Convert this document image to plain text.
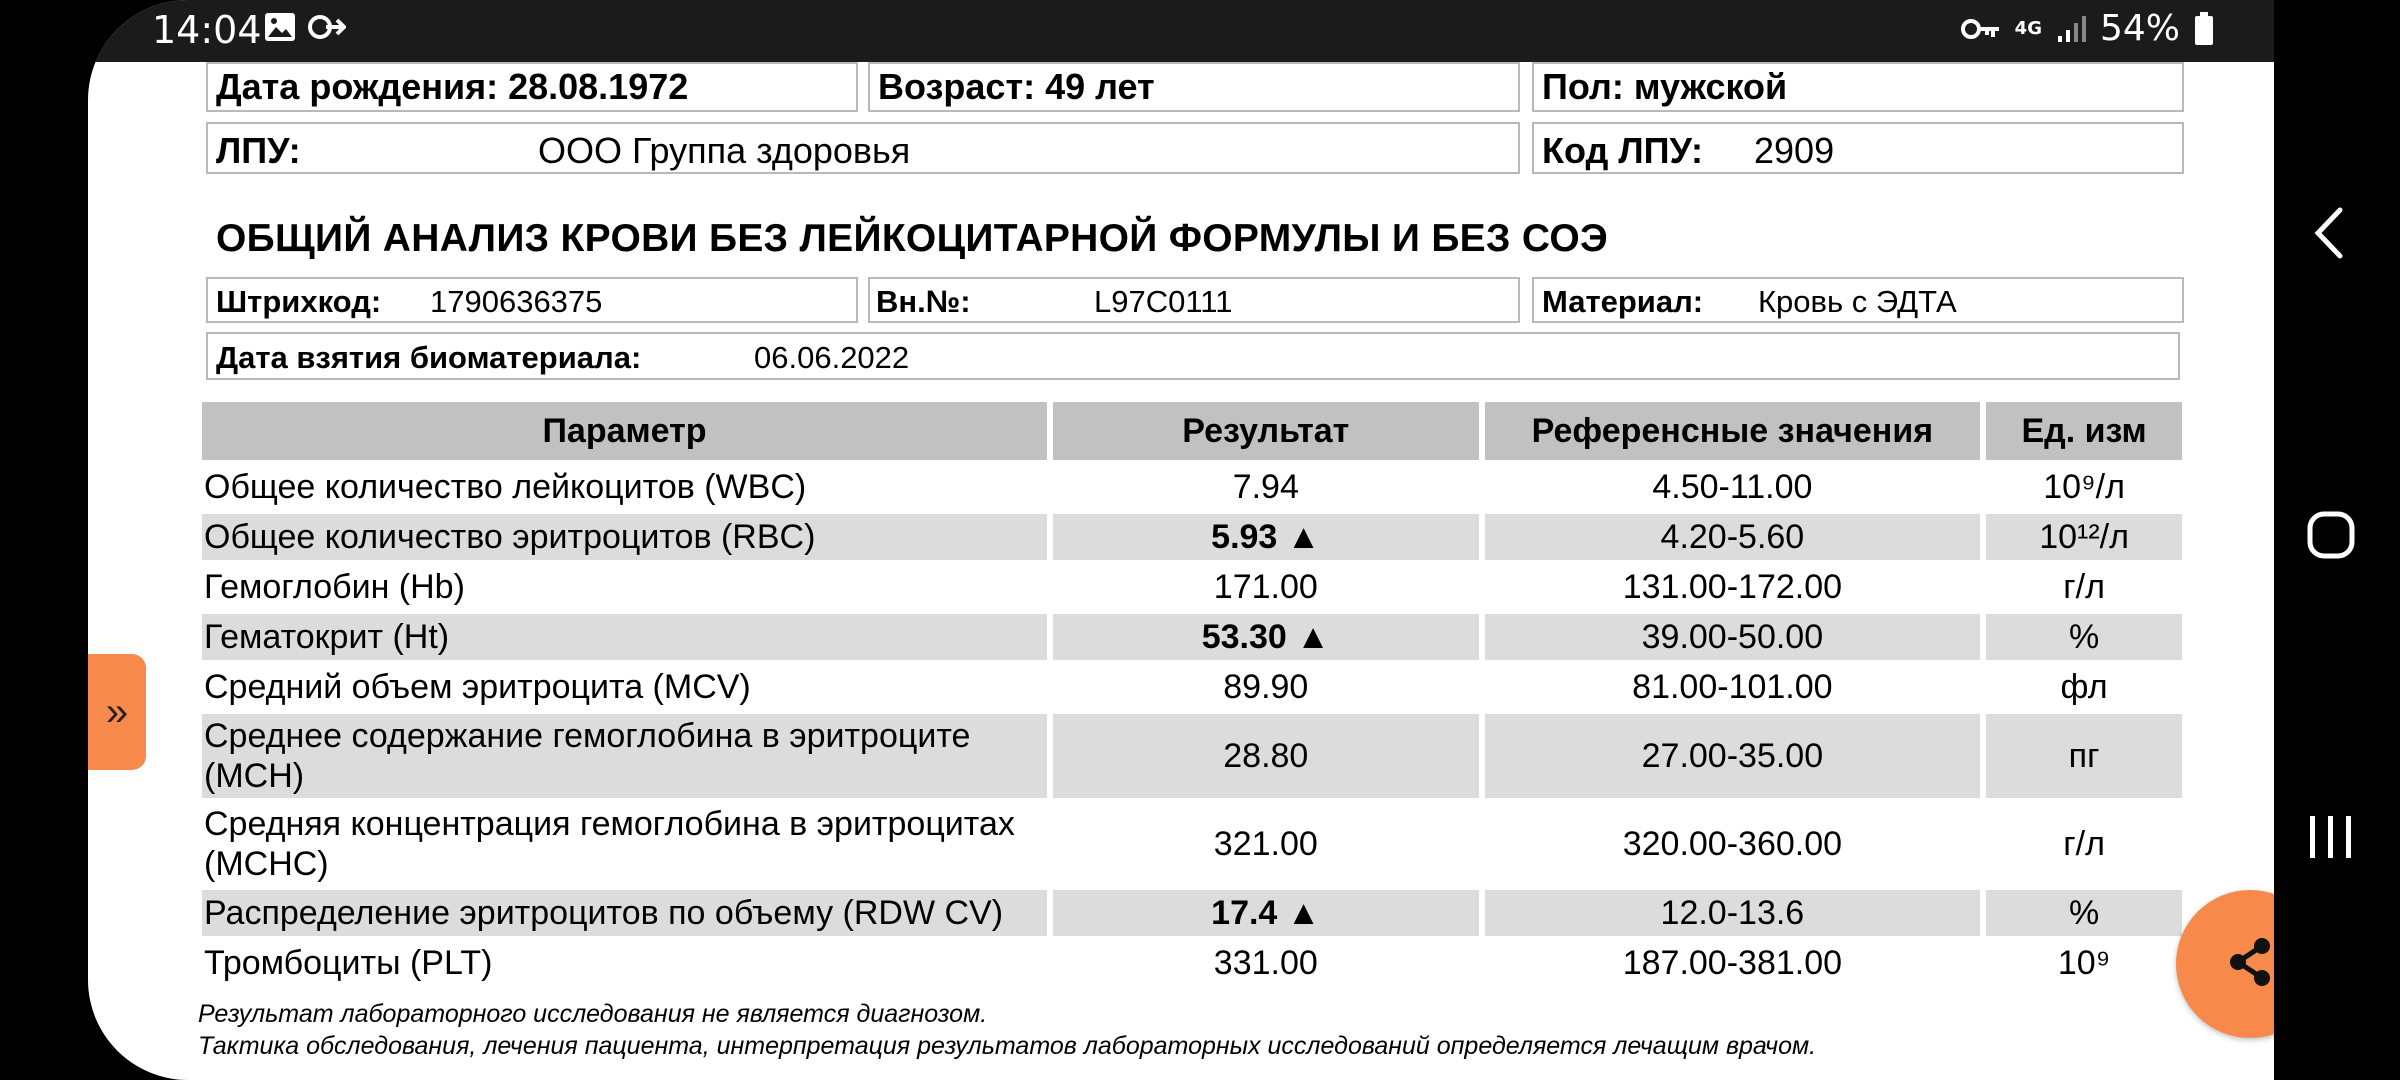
14:04	4G 54%
Дата рождения: 28.08.1972	Возраст: 49 лет	Пол: мужской
ЛПУ:	ООО Группа здоровья	Код ЛПУ: 2909
ОБЩИЙ АНАЛИЗ КРОВИ БЕЗ ЛЕЙКОЦИТАРНОЙ ФОРМУЛЫ И БЕЗ СОЭ
Штрихкод: 1790636375	Вн.№:	L97C0111	Материал: Кровь с ЭДТА
Дата взятия биоматериала:	06.06.2022
Параметр	Результат	Референсные значения	Ед. изм
Общее количество лейкоцитов (WBC)	7.94	4.50-11.00	10⁹/л
Общее количество эритроцитов (RBC)	5.93 ▲	4.20-5.60	10¹²/л
Гемоглобин (Hb)	171.00	131.00-172.00	г/л
Гематокрит (Ht)	53.30 ▲	39.00-50.00	%
Средний объем эритроцита (MCV)	89.90	81.00-101.00	фл
Среднее содержание гемоглобина в эритроците (MCH)	28.80	27.00-35.00	пг
Средняя концентрация гемоглобина в эритроцитах (MCHC)	321.00	320.00-360.00	г/л
Распределение эритроцитов по объему (RDW CV)	17.4 ▲	12.0-13.6	%
Тромбоциты (PLT)	331.00	187.00-381.00	10⁹
Результат лабораторного исследования не является диагнозом.
Тактика обследования, лечения пациента, интерпретация результатов лабораторных исследований определяется лечащим врачом.
»
